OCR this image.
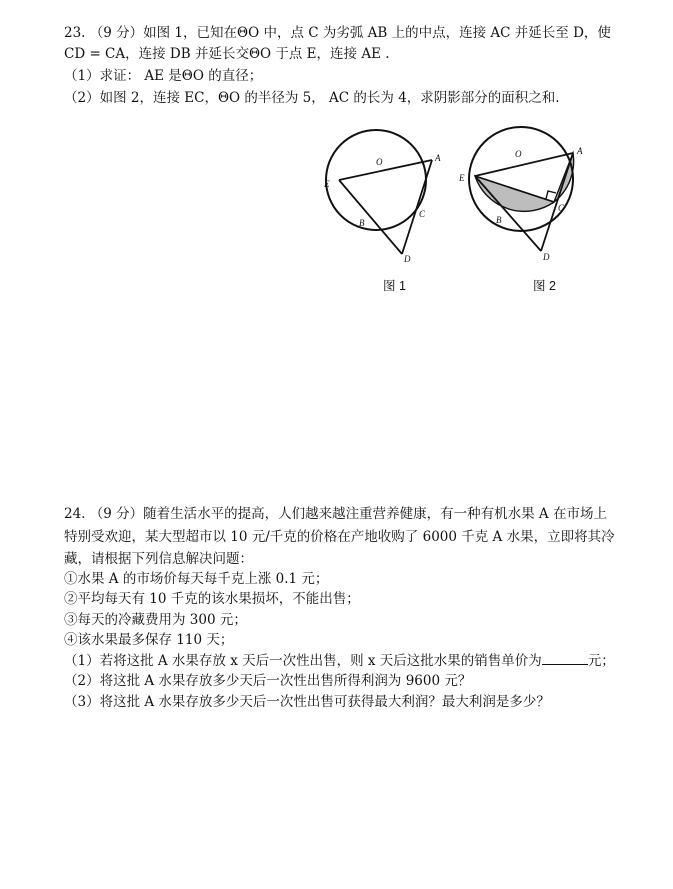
23. （9 分）如图 1，已知在ΘO 中，点 C 为劣弧 AB 上的中点，连接 AC 并延长至 D，使
CD = CA，连接 DB 并延长交ΘO 于点 E，连接 AE .
（1）求证： AE 是ΘO 的直径；
（2）如图 2，连接 EC，ΘO 的半径为 5， AC 的长为 4，求阴影部分的面积之和.
O	A
E
C
B
D
O	A
E
C
B
D
图 1	图 2
24. （9 分）随着生活水平的提高，人们越来越注重营养健康，有一种有机水果 A 在市场上
特别受欢迎，某大型超市以 10 元/千克的价格在产地收购了 6000 千克 A 水果，立即将其冷
藏，请根据下列信息解决问题：
①水果 A 的市场价每天每千克上涨 0.1 元；
②平均每天有 10 千克的该水果损坏，不能出售；
③每天的冷藏费用为 300 元；
④该水果最多保存 110 天；
（1）若将这批 A 水果存放 x 天后一次性出售，则 x 天后这批水果的销售单价为	元；
（2）将这批 A 水果存放多少天后一次性出售所得利润为 9600 元？
（3）将这批 A 水果存放多少天后一次性出售可获得最大利润？最大利润是多少？
